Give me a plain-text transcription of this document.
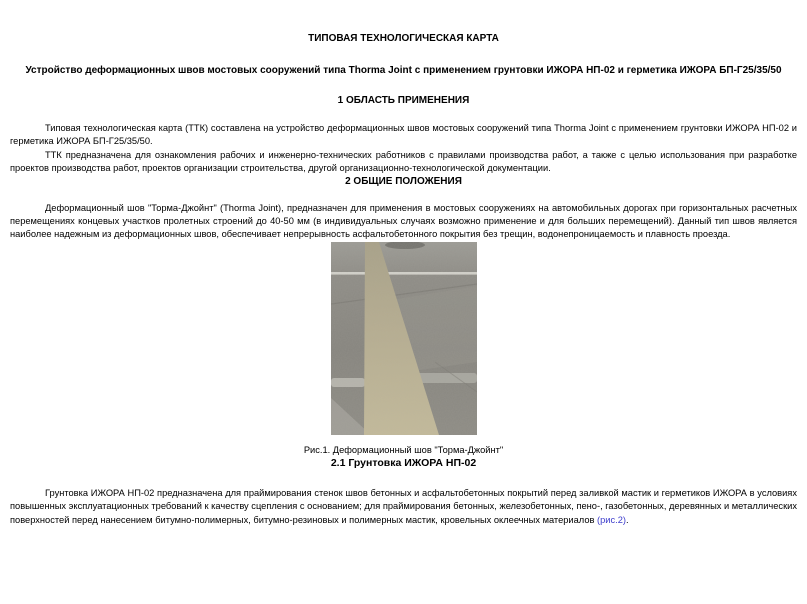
ТИПОВАЯ ТЕХНОЛОГИЧЕСКАЯ КАРТА
Устройство деформационных швов мостовых сооружений типа Thorma Joint с применением грунтовки ИЖОРА НП-02 и герметика ИЖОРА БП-Г25/35/50
1 ОБЛАСТЬ ПРИМЕНЕНИЯ

Типовая технологическая карта (ТТК) составлена на устройство деформационных швов мостовых сооружений типа Thorma Joint с применением грунтовки ИЖОРА НП-02 и герметика ИЖОРА БП-Г25/35/50.

ТТК предназначена для ознакомления рабочих и инженерно-технических работников с правилами производства работ, а также с целью использования при разработке проектов производства работ, проектов организации строительства, другой организационно-технологической документации.

2 ОБЩИЕ ПОЛОЖЕНИЯ

Деформационный шов "Торма-Джойнт" (Thorma Joint), предназначен для применения в мостовых сооружениях на автомобильных дорогах при горизонтальных расчетных перемещениях концевых участков пролетных строений до 40-50 мм (в индивидуальных случаях возможно применение и для больших перемещений). Данный тип швов является наиболее надежным из деформационных швов, обеспечивает непрерывность асфальтобетонного покрытия без трещин, водонепроницаемость и плавность проезда.

Рис.1. Деформационный шов "Торма-Джойнт"
2.1 Грунтовка ИЖОРА НП-02

Грунтовка ИЖОРА НП-02 предназначена для праймирования стенок швов бетонных и асфальтобетонных покрытий перед заливкой мастик и герметиков ИЖОРА в условиях повышенных эксплуатационных требований к качеству сцепления с основанием; для праймирования бетонных, железобетонных, пено-, газобетонных, деревянных и металлических поверхностей перед нанесением битумно-полимерных, битумно-резиновых и полимерных мастик, кровельных оклеечных материалов (рис.2).
